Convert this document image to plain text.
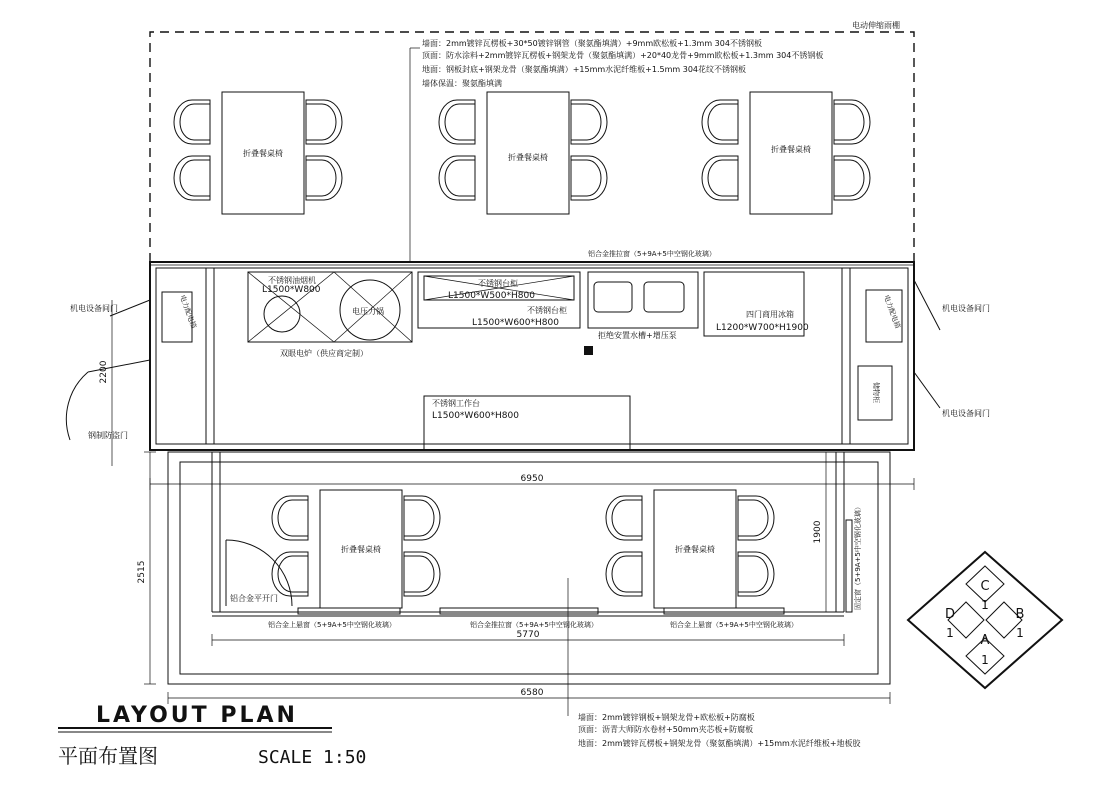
电动伸缩雨棚
墙面：2mm镀锌瓦楞板+30*50镀锌钢管（聚氨酯填满）+9mm欧松板+1.3mm 304不锈钢板
顶面：防水涂料+2mm镀锌瓦楞板+钢架龙骨（聚氨酯填满）+20*40龙骨+9mm欧松板+1.3mm 304不锈钢板
地面：钢板封底+钢架龙骨（聚氨酯填满）+15mm水泥纤维板+1.5mm 304花纹不锈钢板
墙体保温：聚氨酯填满
折叠餐桌椅	折叠餐桌椅
折叠餐桌椅
铝合金推拉窗（5+9A+5中空钢化玻璃）
电力配电箱
机电设备间门
钢制防盗门
不锈钢油烟机
L1500*W800
电压力锅
双眼电炉（供应商定制）
不锈钢台柜
L1500*W500*H800
不锈钢台柜
L1500*W600*H800
拒绝安置水槽+增压泵
四门商用冰箱
L1200*W700*H1900
不锈钢工作台
L1500*W600*H800
电力配电箱
储物柜
机电设备间门
机电设备间门
6950
2200
折叠餐桌椅	折叠餐桌椅
铝合金平开门
铝合金上悬窗（5+9A+5中空钢化玻璃）	铝合金推拉窗（5+9A+5中空钢化玻璃）	铝合金上悬窗（5+9A+5中空钢化玻璃）
固定窗（5+9A+5中空钢化玻璃）
5770
6580
2515
1900
墙面：2mm镀锌钢板+钢架龙骨+欧松板+防腐板
顶面：沥青大师防水卷材+50mm夹芯板+防腐板
地面：2mm镀锌瓦楞板+钢架龙骨（聚氨酯填满）+15mm水泥纤维板+地板胶
C
1
D
1
B
1
A
1
LAYOUT PLAN
平面布置图	SCALE 1:50
